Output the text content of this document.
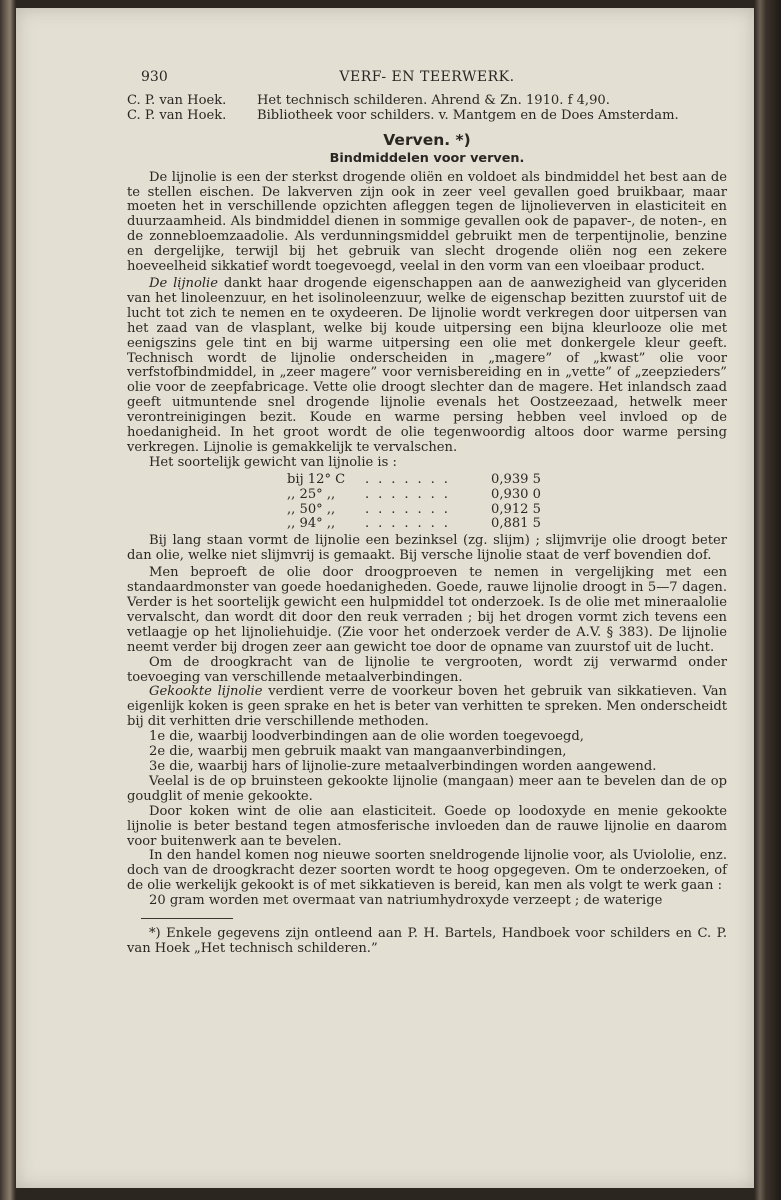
930	VERF- EN TEERWERK.

C. P. van Hoek. Het technisch schilderen. Ahrend & Zn. 1910. f 4,90.

C. P. van Hoek. Bibliotheek voor schilders. v. Mantgem en de Does Amsterdam.

Verven. *)

Bindmiddelen voor verven.

De lijnolie is een der sterkst drogende oliën en voldoet als bindmiddel het best aan de te stellen eischen. De lakverven zijn ook in zeer veel gevallen goed bruikbaar, maar moeten het in verschillende opzichten afleggen tegen de lijnolieverven in elasticiteit en duurzaamheid. Als bindmiddel dienen in sommige gevallen ook de papaver-, de noten-, en de zonnebloemzaadolie. Als verdunningsmiddel gebruikt men de terpentijnolie, benzine en dergelijke, terwijl bij het gebruik van slecht drogende oliën nog een zekere hoeveelheid sikkatief wordt toegevoegd, veelal in den vorm van een vloeibaar product.

De lijnolie dankt haar drogende eigenschappen aan de aanwezigheid van glyceriden van het linoleenzuur, en het isolinoleenzuur, welke de eigenschap bezitten zuurstof uit de lucht tot zich te nemen en te oxydeeren. De lijnolie wordt verkregen door uitpersen van het zaad van de vlasplant, welke bij koude uitpersing een bijna kleurlooze olie met eenigszins gele tint en bij warme uitpersing een olie met donkergele kleur geeft. Technisch wordt de lijnolie onderscheiden in „magere” of „kwast” olie voor verfstofbindmiddel, in „zeer magere” voor vernisbereiding en in „vette” of „zeepzieders” olie voor de zeepfabricage. Vette olie droogt slechter dan de magere. Het inlandsch zaad geeft uitmuntende snel drogende lijnolie evenals het Oostzeezaad, hetwelk meer verontreinigingen bezit. Koude en warme persing hebben veel invloed op de hoedanigheid. In het groot wordt de olie tegenwoordig altoos door warme persing verkregen. Lijnolie is gemakkelijk te vervalschen.

Het soortelijk gewicht van lijnolie is :

bij 12° C	. . . . . . .	0,939 5
,, 25° ,,	. . . . . . .	0,930 0
,, 50° ,,	. . . . . . .	0,912 5
,, 94° ,,	. . . . . . .	0,881 5

Bij lang staan vormt de lijnolie een bezinksel (zg. slijm) ; slijmvrije olie droogt beter dan olie, welke niet slijmvrij is gemaakt. Bij versche lijnolie staat de verf bovendien dof.

Men beproeft de olie door droogproeven te nemen in vergelijking met een standaardmonster van goede hoedanigheden. Goede, rauwe lijnolie droogt in 5—7 dagen. Verder is het soortelijk gewicht een hulpmiddel tot onderzoek. Is de olie met mineraalolie vervalscht, dan wordt dit door den reuk verraden ; bij het drogen vormt zich tevens een vetlaagje op het lijnoliehuidje. (Zie voor het onderzoek verder de A.V. § 383). De lijnolie neemt verder bij drogen zeer aan gewicht toe door de opname van zuurstof uit de lucht.

Om de droogkracht van de lijnolie te vergrooten, wordt zij verwarmd onder toevoeging van verschillende metaalverbindingen.

Gekookte lijnolie verdient verre de voorkeur boven het gebruik van sikkatieven. Van eigenlijk koken is geen sprake en het is beter van verhitten te spreken. Men onderscheidt bij dit verhitten drie verschillende methoden.

1e die, waarbij loodverbindingen aan de olie worden toegevoegd,

2e die, waarbij men gebruik maakt van mangaanverbindingen,

3e die, waarbij hars of lijnolie-zure metaalverbindingen worden aangewend.

Veelal is de op bruinsteen gekookte lijnolie (mangaan) meer aan te bevelen dan de op goudglit of menie gekookte.

Door koken wint de olie aan elasticiteit. Goede op loodoxyde en menie gekookte lijnolie is beter bestand tegen atmosferische invloeden dan de rauwe lijnolie en daarom voor buitenwerk aan te bevelen.

In den handel komen nog nieuwe soorten sneldrogende lijnolie voor, als Uviololie, enz. doch van de droogkracht dezer soorten wordt te hoog opgegeven. Om te onderzoeken, of de olie werkelijk gekookt is of met sikkatieven is bereid, kan men als volgt te werk gaan :

20 gram worden met overmaat van natriumhydroxyde verzeept ; de waterige

*) Enkele gegevens zijn ontleend aan P. H. Bartels, Handboek voor schilders en C. P. van Hoek „Het technisch schilderen.”
